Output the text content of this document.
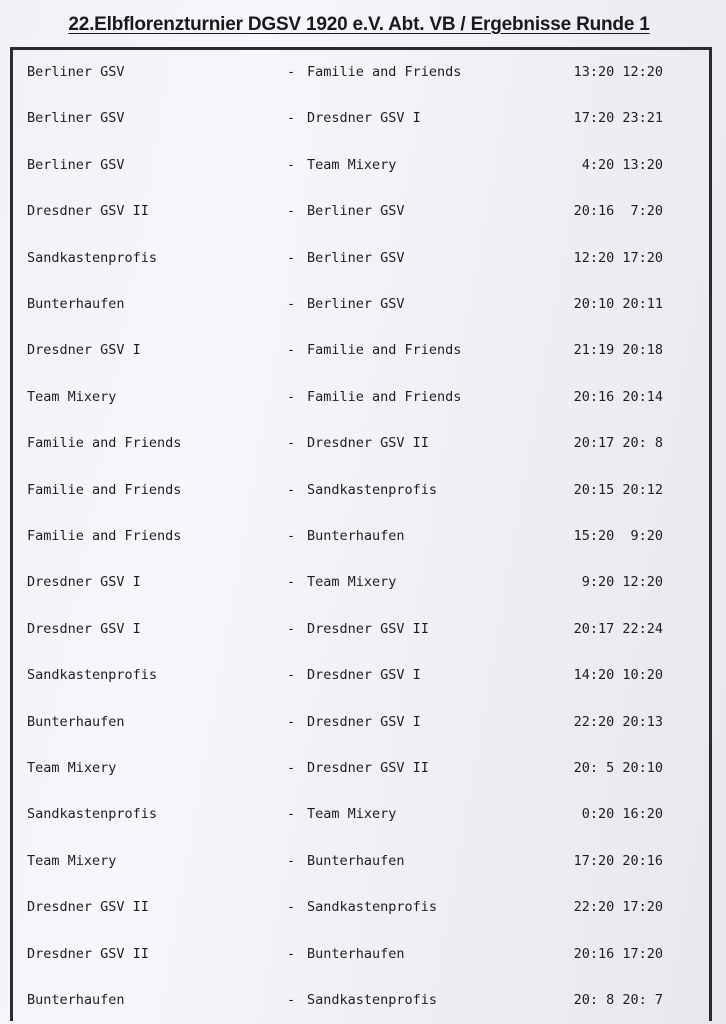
22.Elbflorenzturnier DGSV 1920 e.V. Abt. VB / Ergebnisse Runde 1
Berliner GSV	- Familie and Friends	13:20 12:20
Berliner GSV	- Dresdner GSV I	17:20 23:21
Berliner GSV	- Team Mixery	4:20 13:20
Dresdner GSV II	- Berliner GSV	20:16  7:20
Sandkastenprofis	- Berliner GSV	12:20 17:20
Bunterhaufen	- Berliner GSV	20:10 20:11
Dresdner GSV I	- Familie and Friends	21:19 20:18
Team Mixery	- Familie and Friends	20:16 20:14
Familie and Friends	- Dresdner GSV II	20:17 20: 8
Familie and Friends	- Sandkastenprofis	20:15 20:12
Familie and Friends	- Bunterhaufen	15:20  9:20
Dresdner GSV I	- Team Mixery	9:20 12:20
Dresdner GSV I	- Dresdner GSV II	20:17 22:24
Sandkastenprofis	- Dresdner GSV I	14:20 10:20
Bunterhaufen	- Dresdner GSV I	22:20 20:13
Team Mixery	- Dresdner GSV II	20: 5 20:10
Sandkastenprofis	- Team Mixery	0:20 16:20
Team Mixery	- Bunterhaufen	17:20 20:16
Dresdner GSV II	- Sandkastenprofis	22:20 17:20
Dresdner GSV II	- Bunterhaufen	20:16 17:20
Bunterhaufen	- Sandkastenprofis	20: 8 20: 7
